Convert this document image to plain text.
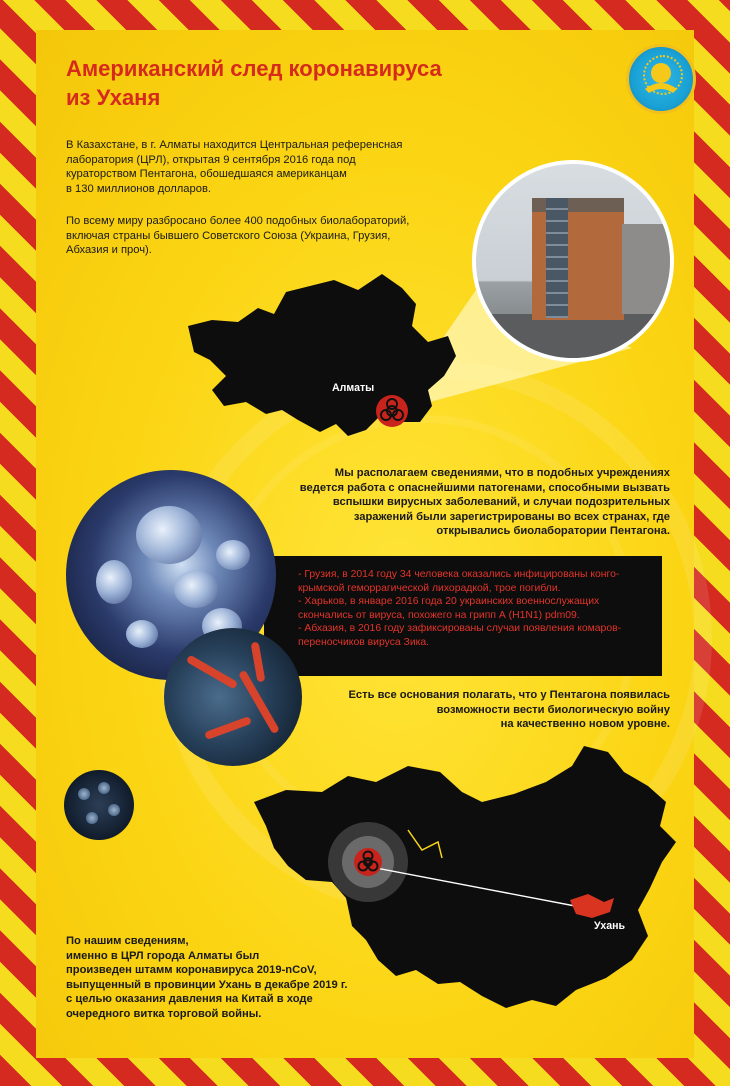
Американский след коронавируса
из Уханя
В Казахстане, в г. Алматы находится Центральная референсная
лаборатория (ЦРЛ), открытая 9 сентября 2016 года под
кураторством Пентагона, обошедшаяся американцам
в 130 миллионов долларов.
По всему миру разбросано более 400 подобных биолабораторий,
включая страны бывшего Советского Союза (Украина, Грузия,
Абхазия и проч).
Алматы
Мы располагаем сведениями, что в подобных учреждениях
ведется работа с опаснейшими патогенами, способными вызвать
вспышки вирусных заболеваний, и случаи подозрительных
заражений были зарегистрированы во всех странах, где
открывались биолаборатории Пентагона.
- Грузия, в 2014 году 34 человека оказались инфицированы конго-
крымской геморрагической лихорадкой, трое погибли.
- Харьков, в январе 2016 года 20 украинских военнослужащих
скончались от вируса, похожего на грипп А (H1N1) pdm09.
- Абхазия, в 2016 году зафиксированы случаи появления комаров-
переносчиков вируса Зика.
Есть все основания полагать, что у Пентагона появилась
возможности вести биологическую войну
на качественно новом уровне.
Ухань
По нашим сведениям,
именно в ЦРЛ города Алматы был
произведен штамм коронавируса 2019-nCoV,
выпущенный в провинции Ухань в декабре 2019 г.
с целью оказания давления на Китай в ходе
очередного витка торговой войны.
